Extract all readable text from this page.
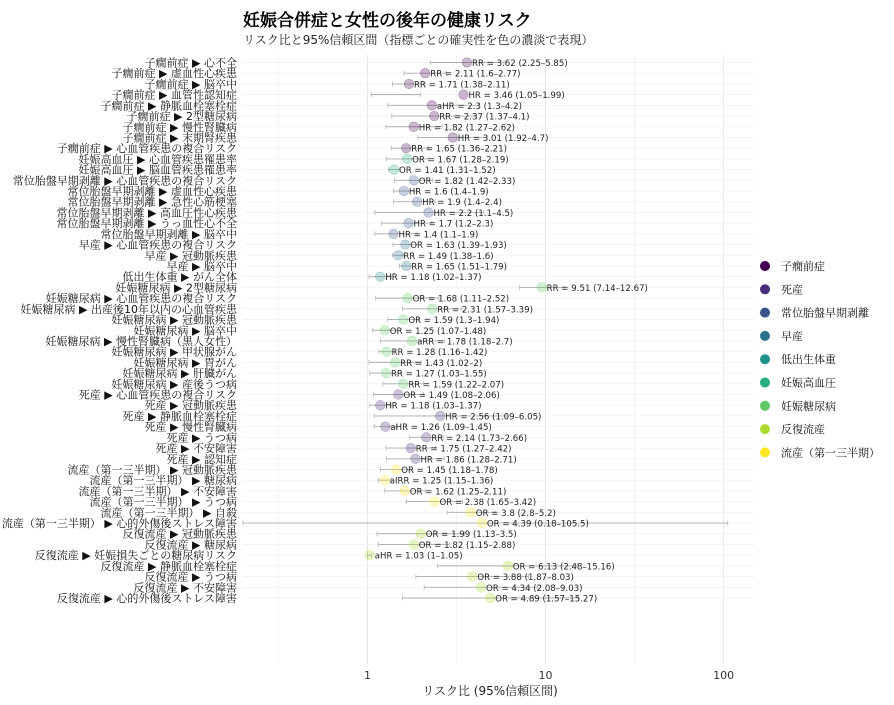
妊娠合併症と女性の後年の健康リスク
リスク比と95%信頼区間（指標ごとの確実性を色の濃淡で表現）
RR = 3.62 (2.25–5.85)
RR = 2.11 (1.6–2.77)
RR = 1.71 (1.38–2.11)
HR = 3.46 (1.05–1.99)
aHR = 2.3 (1.3–4.2)
RR = 2.37 (1.37–4.1)
HR = 1.82 (1.27–2.62)
HR = 3.01 (1.92–4.7)
RR = 1.65 (1.36–2.21)
OR = 1.67 (1.28–2.19)
OR = 1.41 (1.31–1.52)
OR = 1.82 (1.42–2.33)
HR = 1.6 (1.4–1.9)
HR = 1.9 (1.4–2.4)
HR = 2.2 (1.1–4.5)
HR = 1.7 (1.2–2.3)
HR = 1.4 (1.1–1.9)
OR = 1.63 (1.39–1.93)
RR = 1.49 (1.38–1.6)
RR = 1.65 (1.51–1.79)
HR = 1.18 (1.02–1.37)
RR = 9.51 (7.14–12.67)
OR = 1.68 (1.11–2.52)
RR = 2.31 (1.57–3.39)
OR = 1.59 (1.3–1.94)
OR = 1.25 (1.07–1.48)
aRR = 1.78 (1.18–2.7)
RR = 1.28 (1.16–1.42)
RR = 1.43 (1.02–2)
RR = 1.27 (1.03–1.55)
RR = 1.59 (1.22–2.07)
OR = 1.49 (1.08–2.06)
HR = 1.18 (1.03–1.37)
HR = 2.56 (1.09–6.05)
aHR = 1.26 (1.09–1.45)
RR = 2.14 (1.73–2.66)
RR = 1.75 (1.27–2.42)
HR = 1.86 (1.28–2.71)
OR = 1.45 (1.18–1.78)
aIRR = 1.25 (1.15–1.36)
OR = 1.62 (1.25–2.11)
OR = 2.38 (1.65–3.42)
OR = 3.8 (2.8–5.2)
OR = 4.39 (0.18–105.5)
OR = 1.99 (1.13–3.5)
OR = 1.82 (1.15–2.88)
aHR = 1.03 (1–1.05)
OR = 6.13 (2.48–15.16)
OR = 3.88 (1.87–8.03)
OR = 4.34 (2.08–9.03)
OR = 4.89 (1.57–15.27)
子癇前症 ▶ 心不全
子癇前症 ▶ 虚血性心疾患
子癇前症 ▶ 脳卒中
子癇前症 ▶ 血管性認知症
子癇前症 ▶ 静脈血栓塞栓症
子癇前症 ▶ 2型糖尿病
子癇前症 ▶ 慢性腎臓病
子癇前症 ▶ 末期腎疾患
子癇前症 ▶ 心血管疾患の複合リスク
妊娠高血圧 ▶ 心血管疾患罹患率
妊娠高血圧 ▶ 脳血管疾患罹患率
常位胎盤早期剥離 ▶ 心血管疾患の複合リスク
常位胎盤早期剥離 ▶ 虚血性心疾患
常位胎盤早期剥離 ▶ 急性心筋梗塞
常位胎盤早期剥離 ▶ 高血圧性心疾患
常位胎盤早期剥離 ▶ うっ血性心不全
常位胎盤早期剥離 ▶ 脳卒中
早産 ▶ 心血管疾患の複合リスク
早産 ▶ 冠動脈疾患
早産 ▶ 脳卒中
低出生体重 ▶ がん全体
妊娠糖尿病 ▶ 2型糖尿病
妊娠糖尿病 ▶ 心血管疾患の複合リスク
妊娠糖尿病 ▶ 出産後10年以内の心血管疾患
妊娠糖尿病 ▶ 冠動脈疾患
妊娠糖尿病 ▶ 脳卒中
妊娠糖尿病 ▶ 慢性腎臓病（黒人女性）
妊娠糖尿病 ▶ 甲状腺がん
妊娠糖尿病 ▶ 胃がん
妊娠糖尿病 ▶ 肝臓がん
妊娠糖尿病 ▶ 産後うつ病
死産 ▶ 心血管疾患の複合リスク
死産 ▶ 冠動脈疾患
死産 ▶ 静脈血栓塞栓症
死産 ▶ 慢性腎臓病
死産 ▶ うつ病
死産 ▶ 不安障害
死産 ▶ 認知症
流産（第一三半期） ▶ 冠動脈疾患
流産（第一三半期） ▶ 糖尿病
流産（第一三半期） ▶ 不安障害
流産（第一三半期） ▶ うつ病
流産（第一三半期） ▶ 自殺
流産（第一三半期） ▶ 心的外傷後ストレス障害
反復流産 ▶ 冠動脈疾患
反復流産 ▶ 糖尿病
反復流産 ▶ 妊娠損失ごとの糖尿病リスク
反復流産 ▶ 静脈血栓塞栓症
反復流産 ▶ うつ病
反復流産 ▶ 不安障害
反復流産 ▶ 心的外傷後ストレス障害
1	10	100
リスク比 (95%信頼区間)
子癇前症
死産
常位胎盤早期剥離
早産
低出生体重
妊娠高血圧
妊娠糖尿病
反復流産
流産（第一三半期）
